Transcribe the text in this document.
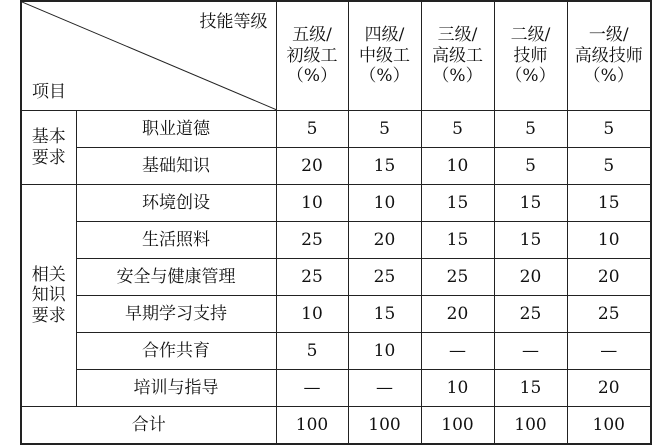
技能等级
项目		五级/
初级工
（%）	四级/
中级工
（%）	三级/
高级工
（%）	二级/
技师
（%）	一级/
高级技师
（%）

基本
要求	职业道德	5	5	5	5	5
	基础知识	20	15	10	5	5

相关
知识
要求	环境创设	10	10	15	15	15
	生活照料	25	20	15	15	10
	安全与健康管理	25	25	25	20	20
	早期学习支持	10	15	20	25	25
	合作共育	5	10	—	—	—
	培训与指导	—	—	10	15	20
合计		100	100	100	100	100
